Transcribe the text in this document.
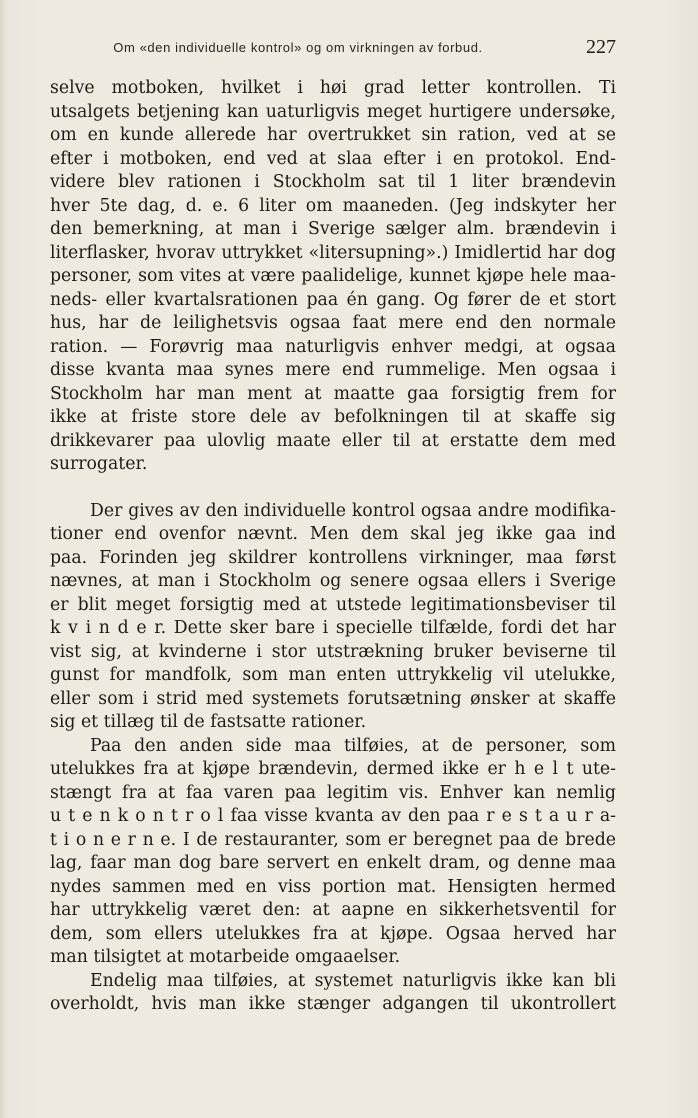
Om «den individuelle kontrol» og om virkningen av forbud.	227
selve motboken, hvilket i høi grad letter kontrollen. Ti
utsalgets betjening kan uaturligvis meget hurtigere undersøke,
om en kunde allerede har overtrukket sin ration, ved at se
efter i motboken, end ved at slaa efter i en protokol. End-
videre blev rationen i Stockholm sat til 1 liter brændevin
hver 5te dag, d. e. 6 liter om maaneden. (Jeg indskyter her
den bemerkning, at man i Sverige sælger alm. brændevin i
literflasker, hvorav uttrykket «litersupning».) Imidlertid har dog
personer, som vites at være paalidelige, kunnet kjøpe hele maa-
neds- eller kvartalsrationen paa én gang. Og fører de et stort
hus, har de leilighetsvis ogsaa faat mere end den normale
ration. — Forøvrig maa naturligvis enhver medgi, at ogsaa
disse kvanta maa synes mere end rummelige. Men ogsaa i
Stockholm har man ment at maatte gaa forsigtig frem for
ikke at friste store dele av befolkningen til at skaffe sig
drikkevarer paa ulovlig maate eller til at erstatte dem med
surrogater.
Der gives av den individuelle kontrol ogsaa andre modifika-
tioner end ovenfor nævnt. Men dem skal jeg ikke gaa ind
paa. Forinden jeg skildrer kontrollens virkninger, maa først
nævnes, at man i Stockholm og senere ogsaa ellers i Sverige
er blit meget forsigtig med at utstede legitimationsbeviser til
k v i n d e r. Dette sker bare i specielle tilfælde, fordi det har
vist sig, at kvinderne i stor utstrækning bruker beviserne til
gunst for mandfolk, som man enten uttrykkelig vil utelukke,
eller som i strid med systemets forutsætning ønsker at skaffe
sig et tillæg til de fastsatte rationer.
Paa den anden side maa tilføies, at de personer, som
utelukkes fra at kjøpe brændevin, dermed ikke er h e l t ute-
stængt fra at faa varen paa legitim vis. Enhver kan nemlig
u t e n k o n t r o l faa visse kvanta av den paa r e s t a u r a-
t i o n e r n e. I de restauranter, som er beregnet paa de brede
lag, faar man dog bare servert en enkelt dram, og denne maa
nydes sammen med en viss portion mat. Hensigten hermed
har uttrykkelig været den: at aapne en sikkerhetsventil for
dem, som ellers utelukkes fra at kjøpe. Ogsaa herved har
man tilsigtet at motarbeide omgaaelser.
Endelig maa tilføies, at systemet naturligvis ikke kan bli
overholdt, hvis man ikke stænger adgangen til ukontrollert
